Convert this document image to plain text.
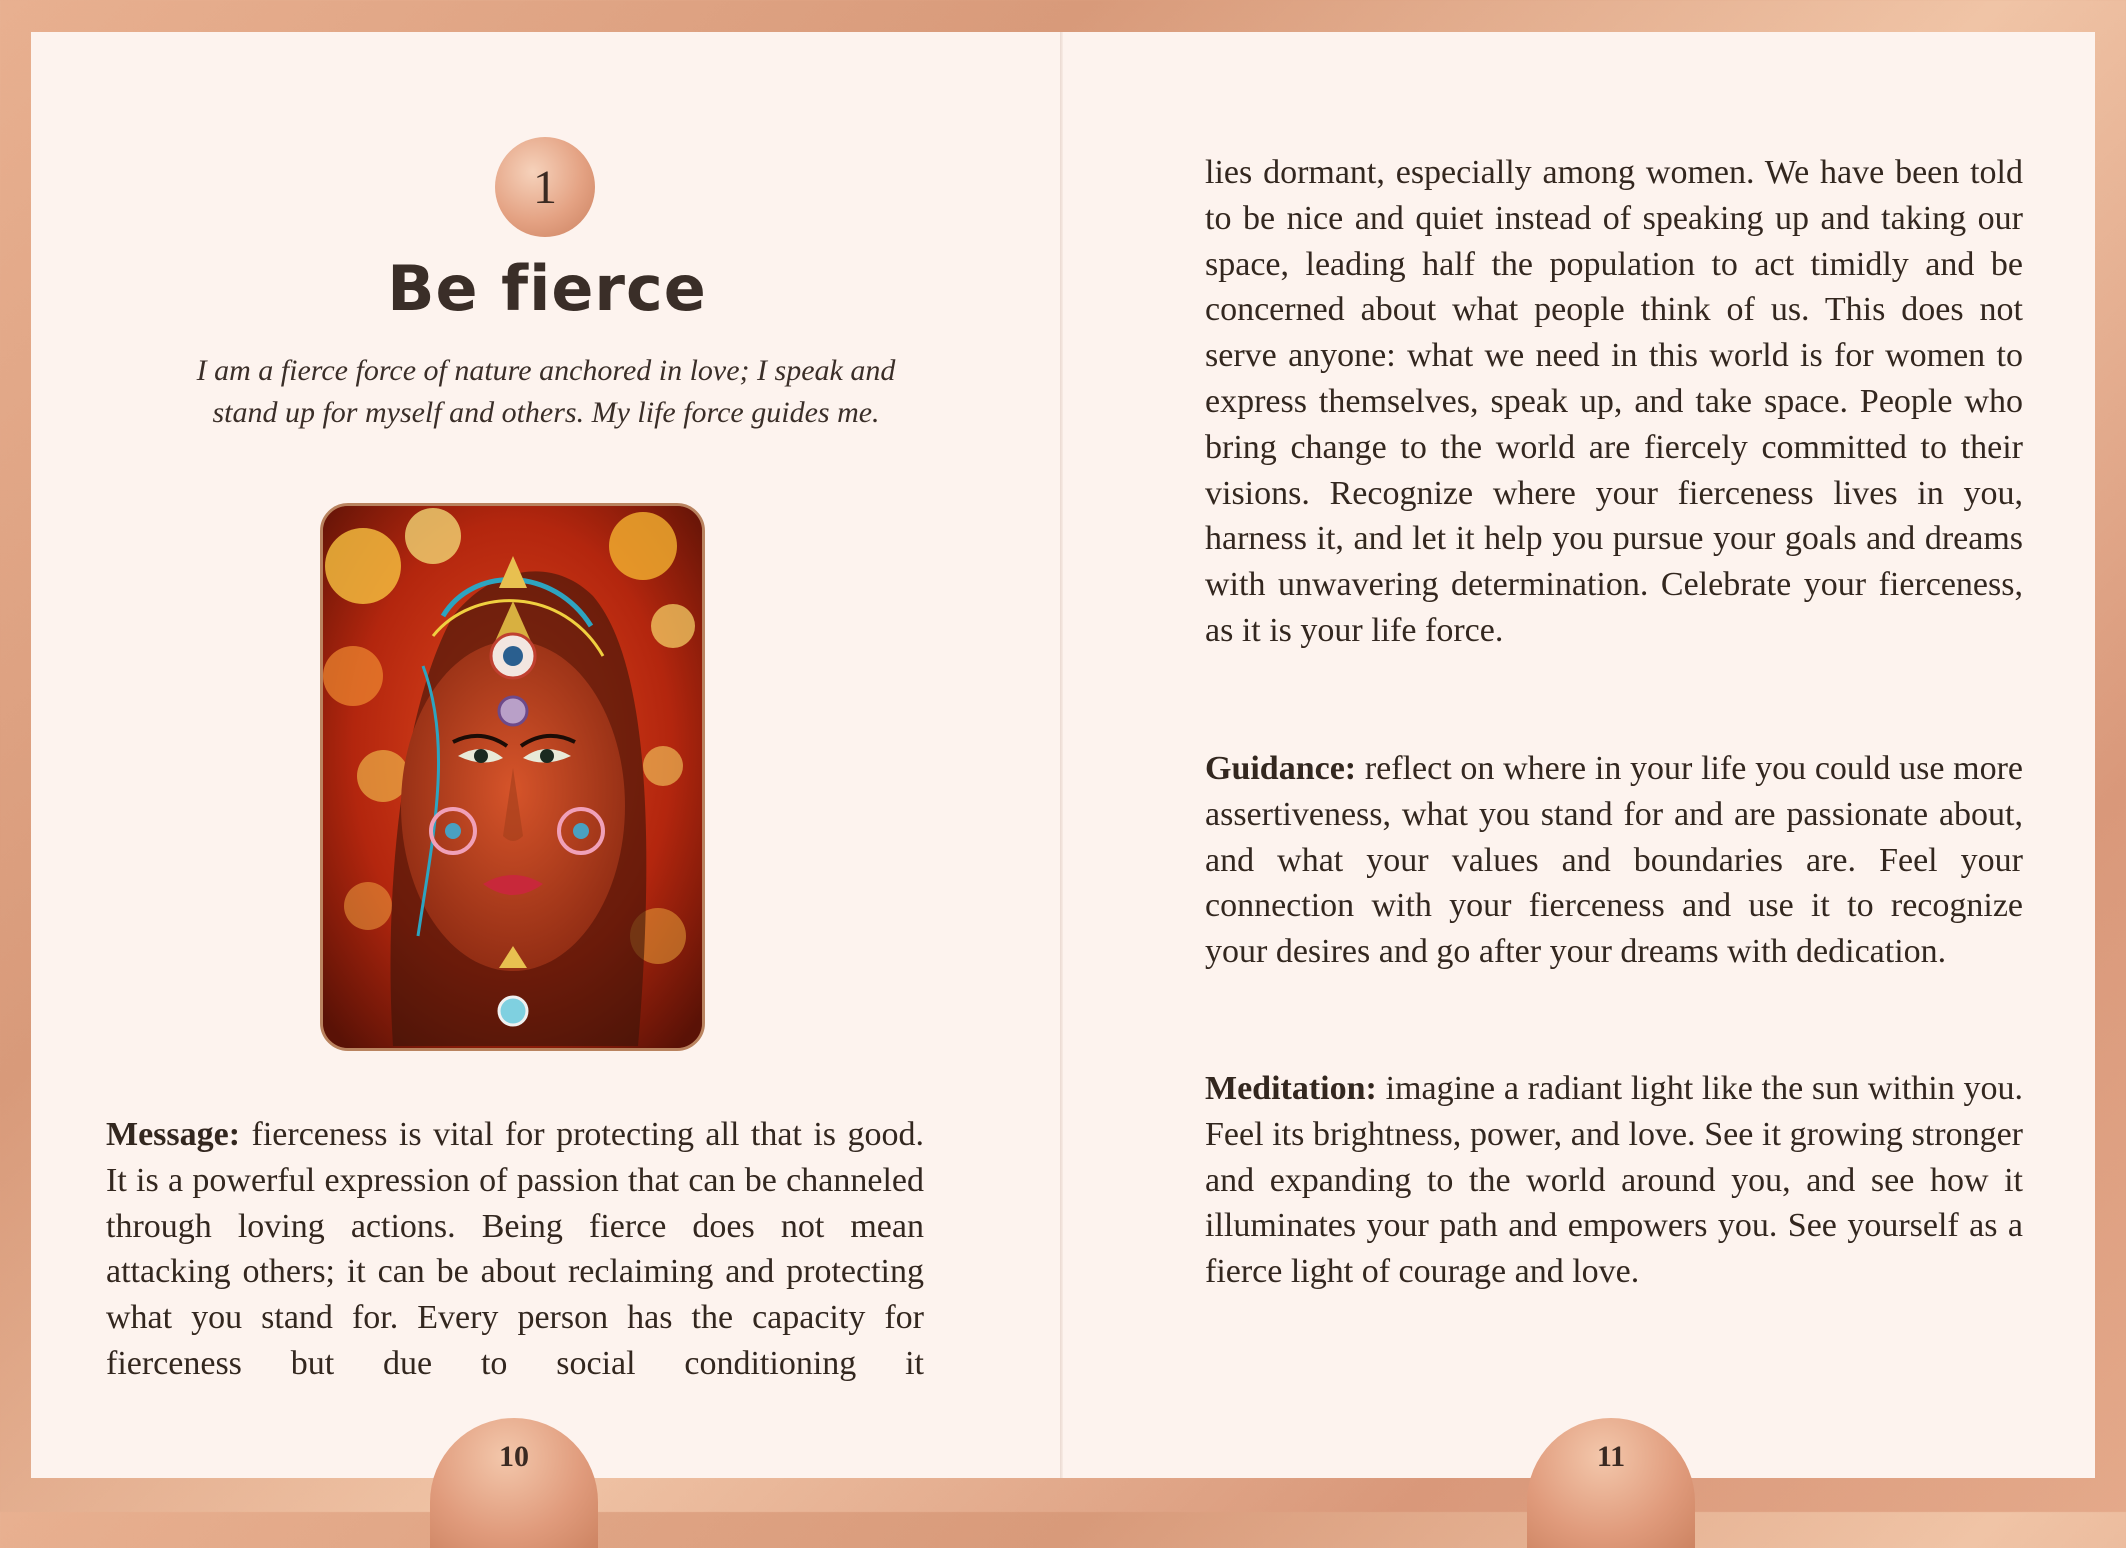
1
Be fierce
I am a fierce force of nature anchored in love; I speak and stand up for myself and others. My life force guides me.

Message: fierceness is vital for protecting all that is good. It is a powerful expression of passion that can be channeled through loving actions. Being fierce does not mean attacking others; it can be about reclaiming and protecting what you stand for. Every person has the capacity for fierceness but due to social conditioning it

lies dormant, especially among women. We have been told to be nice and quiet instead of speaking up and taking our space, leading half the population to act timidly and be concerned about what people think of us. This does not serve anyone: what we need in this world is for women to express themselves, speak up, and take space. People who bring change to the world are fiercely committed to their visions. Recognize where your fierceness lives in you, harness it, and let it help you pursue your goals and dreams with unwavering determination. Celebrate your fierceness, as it is your life force.

Guidance: reflect on where in your life you could use more assertiveness, what you stand for and are passionate about, and what your values and boundaries are. Feel your connection with your fierceness and use it to recognize your desires and go after your dreams with dedication.

Meditation: imagine a radiant light like the sun within you. Feel its brightness, power, and love. See it growing stronger and expanding to the world around you, and see how it illuminates your path and empowers you. See yourself as a fierce light of courage and love.

10	11
